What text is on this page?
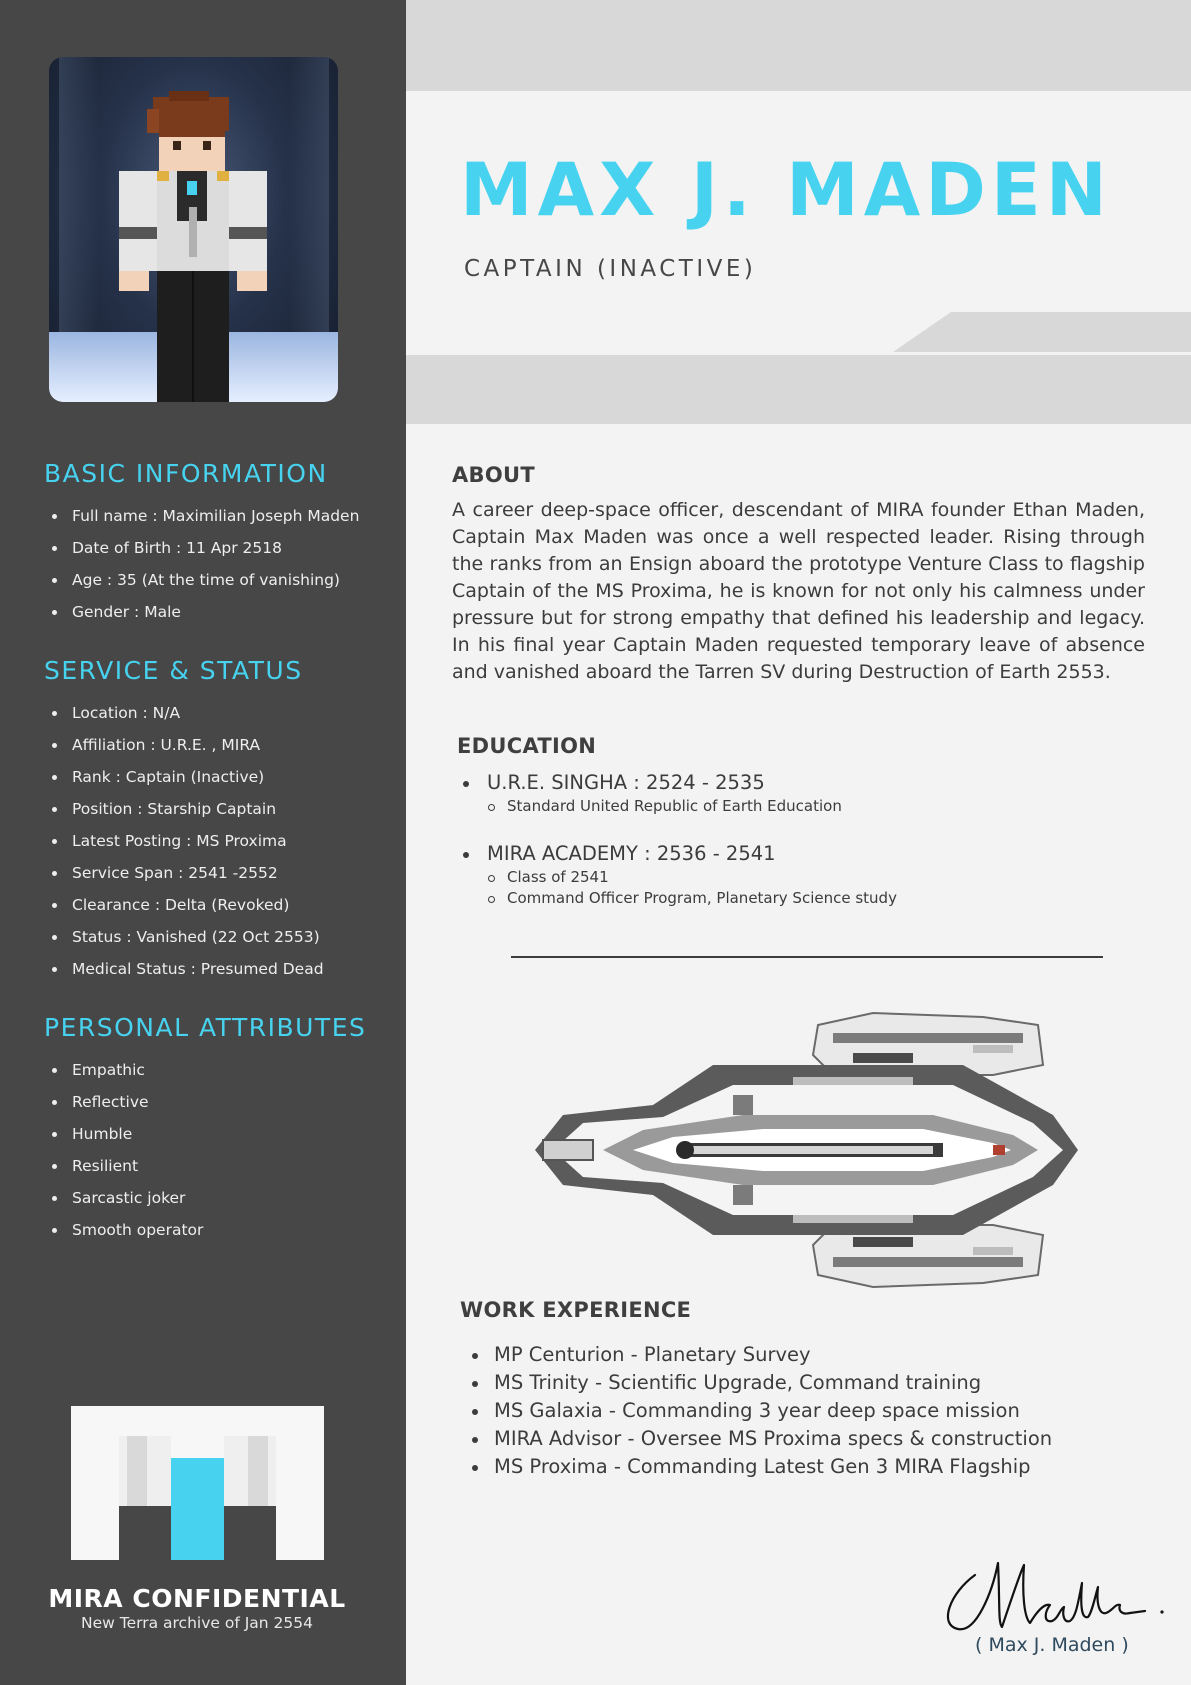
BASIC INFORMATION
Full name : Maximilian Joseph Maden
Date of Birth : 11 Apr 2518
Age : 35 (At the time of vanishing)
Gender : Male
SERVICE & STATUS
Location : N/A
Affiliation : U.R.E. , MIRA
Rank : Captain (Inactive)
Position : Starship Captain
Latest Posting : MS Proxima
Service Span : 2541 -2552
Clearance : Delta (Revoked)
Status : Vanished (22 Oct 2553)
Medical Status : Presumed Dead
PERSONAL ATTRIBUTES
Empathic
Reflective
Humble
Resilient
Sarcastic joker
Smooth operator
MIRA CONFIDENTIAL
New Terra archive of Jan 2554
MAX J. MADEN
CAPTAIN (INACTIVE)
ABOUT

A career deep-space officer, descendant of MIRA founder Ethan Maden, Captain Max Maden was once a well respected leader. Rising through the ranks from an Ensign aboard the prototype Venture Class to flagship Captain of the MS Proxima, he is known for not only his calmness under pressure but for strong empathy that defined his leadership and legacy. In his final year Captain Maden requested temporary leave of absence and vanished aboard the Tarren SV during Destruction of Earth 2553.

EDUCATION
U.R.E. SINGHA : 2524 - 2535
Standard United Republic of Earth Education
MIRA ACADEMY : 2536 - 2541
Class of 2541
Command Officer Program, Planetary Science study
WORK EXPERIENCE
MP Centurion - Planetary Survey
MS Trinity - Scientific Upgrade, Command training
MS Galaxia - Commanding 3 year deep space mission
MIRA Advisor - Oversee MS Proxima specs & construction
MS Proxima - Commanding Latest Gen 3 MIRA Flagship
( Max J. Maden )
